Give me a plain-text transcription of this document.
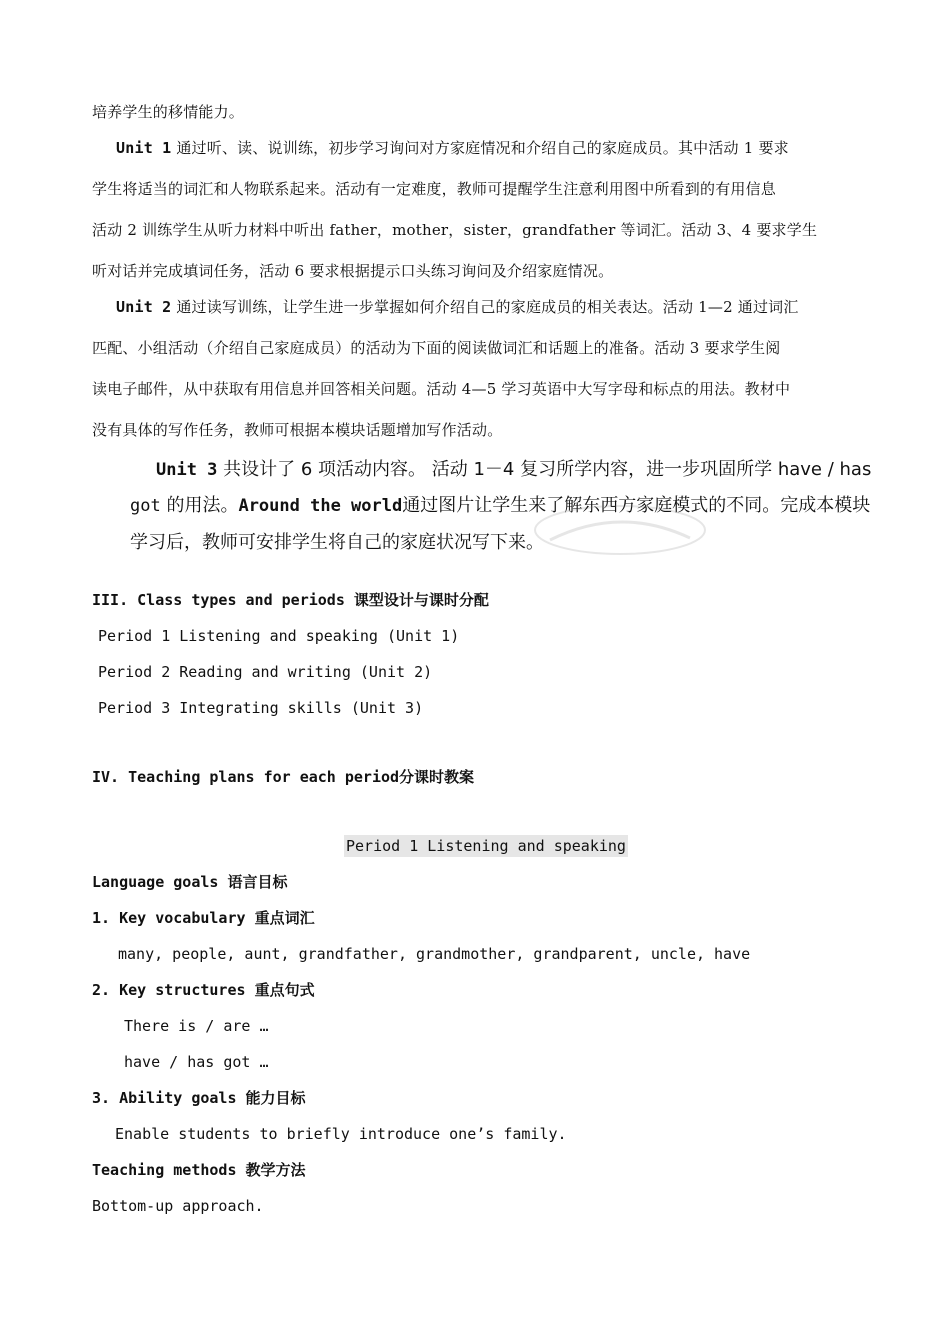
培养学生的移情能力。
Unit 1 通过听、读、说训练，初步学习询问对方家庭情况和介绍自己的家庭成员。其中活动 1 要求
学生将适当的词汇和人物联系起来。活动有一定难度，教师可提醒学生注意利用图中所看到的有用信息
活动 2 训练学生从听力材料中听出 father，mother，sister，grandfather 等词汇。活动 3、4 要求学生
听对话并完成填词任务，活动 6 要求根据提示口头练习询问及介绍家庭情况。
Unit 2 通过读写训练，让学生进一步掌握如何介绍自己的家庭成员的相关表达。活动 1—2 通过词汇
匹配、小组活动（介绍自己家庭成员）的活动为下面的阅读做词汇和话题上的准备。活动 3 要求学生阅
读电子邮件，从中获取有用信息并回答相关问题。活动 4—5 学习英语中大写字母和标点的用法。教材中
没有具体的写作任务，教师可根据本模块话题增加写作活动。
Unit 3 共设计了 6 项活动内容。 活动 1－4 复习所学内容，进一步巩固所学 have / has
got 的用法。Around the world通过图片让学生来了解东西方家庭模式的不同。完成本模块
学习后，教师可安排学生将自己的家庭状况写下来。
III. Class types and periods 课型设计与课时分配
Period 1 Listening and speaking (Unit 1)
Period 2 Reading and writing (Unit 2)
Period 3 Integrating skills (Unit 3)
IV. Teaching plans for each period分课时教案
Period 1 Listening and speaking
Language goals 语言目标
1. Key vocabulary 重点词汇
many, people, aunt, grandfather, grandmother, grandparent, uncle, have
2. Key structures 重点句式
There is / are …
have / has got …
3. Ability goals 能力目标
Enable students to briefly introduce one’s family.
Teaching methods 教学方法
Bottom-up approach.
